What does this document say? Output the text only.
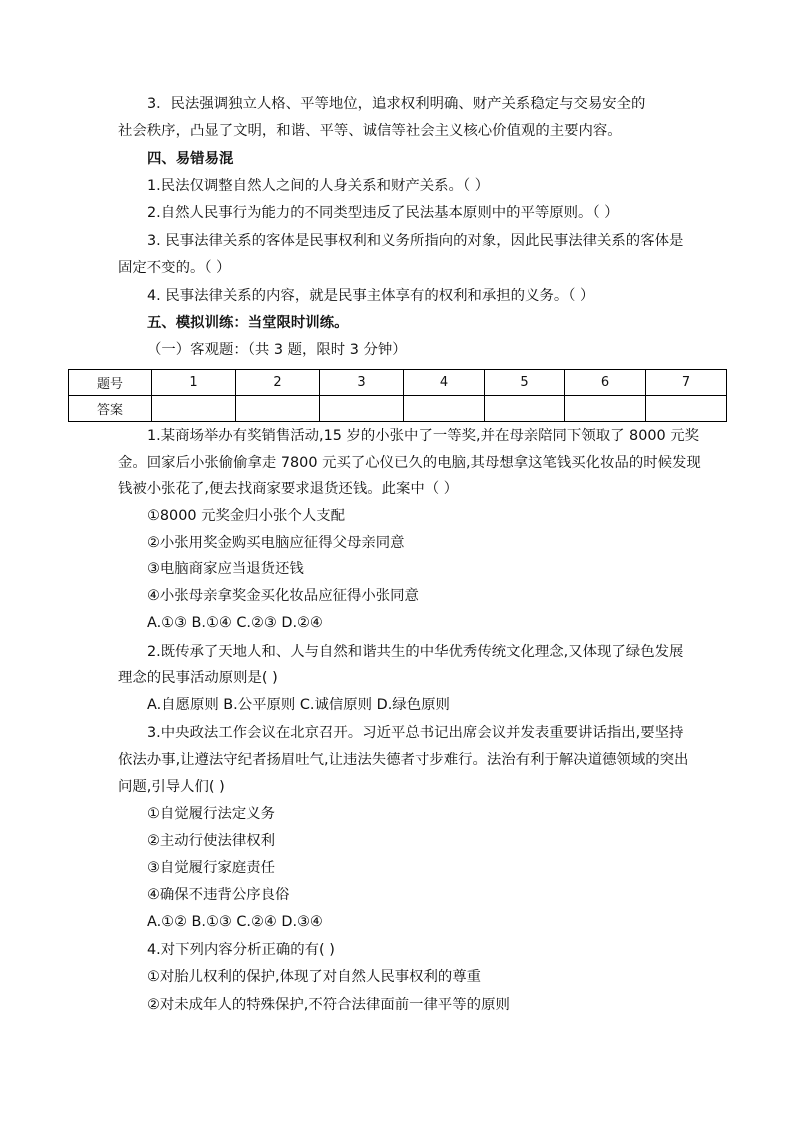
3．民法强调独立人格、平等地位，追求权利明确、财产关系稳定与交易安全的
社会秩序，凸显了文明，和谐、平等、诚信等社会主义核心价值观的主要内容。
四、易错易混
1.民法仅调整自然人之间的人身关系和财产关系。（ ）
2.自然人民事行为能力的不同类型违反了民法基本原则中的平等原则。（ ）
3. 民事法律关系的客体是民事权利和义务所指向的对象，因此民事法律关系的客体是
固定不变的。（ ）
4. 民事法律关系的内容，就是民事主体享有的权利和承担的义务。（ ）
五、模拟训练：当堂限时训练。
（一）客观题：（共 3 题，限时 3 分钟）
题号	1	2	3	4	5	6	7
答案							
1.某商场举办有奖销售活动,15 岁的小张中了一等奖,并在母亲陪同下领取了 8000 元奖
金。回家后小张偷偷拿走 7800 元买了心仪已久的电脑,其母想拿这笔钱买化妆品的时候发现
钱被小张花了,便去找商家要求退货还钱。此案中（ ）
①8000 元奖金归小张个人支配
②小张用奖金购买电脑应征得父母亲同意
③电脑商家应当退货还钱
④小张母亲拿奖金买化妆品应征得小张同意
A.①③ B.①④ C.②③ D.②④
2.既传承了天地人和、人与自然和谐共生的中华优秀传统文化理念,又体现了绿色发展
理念的民事活动原则是( )
A.自愿原则 B.公平原则 C.诚信原则 D.绿色原则
3.中央政法工作会议在北京召开。习近平总书记出席会议并发表重要讲话指出,要坚持
依法办事,让遵法守纪者扬眉吐气,让违法失德者寸步难行。法治有利于解决道德领域的突出
问题,引导人们( )
①自觉履行法定义务
②主动行使法律权利
③自觉履行家庭责任
④确保不违背公序良俗
A.①② B.①③ C.②④ D.③④
4.对下列内容分析正确的有( )
①对胎儿权利的保护,体现了对自然人民事权利的尊重
②对未成年人的特殊保护,不符合法律面前一律平等的原则
